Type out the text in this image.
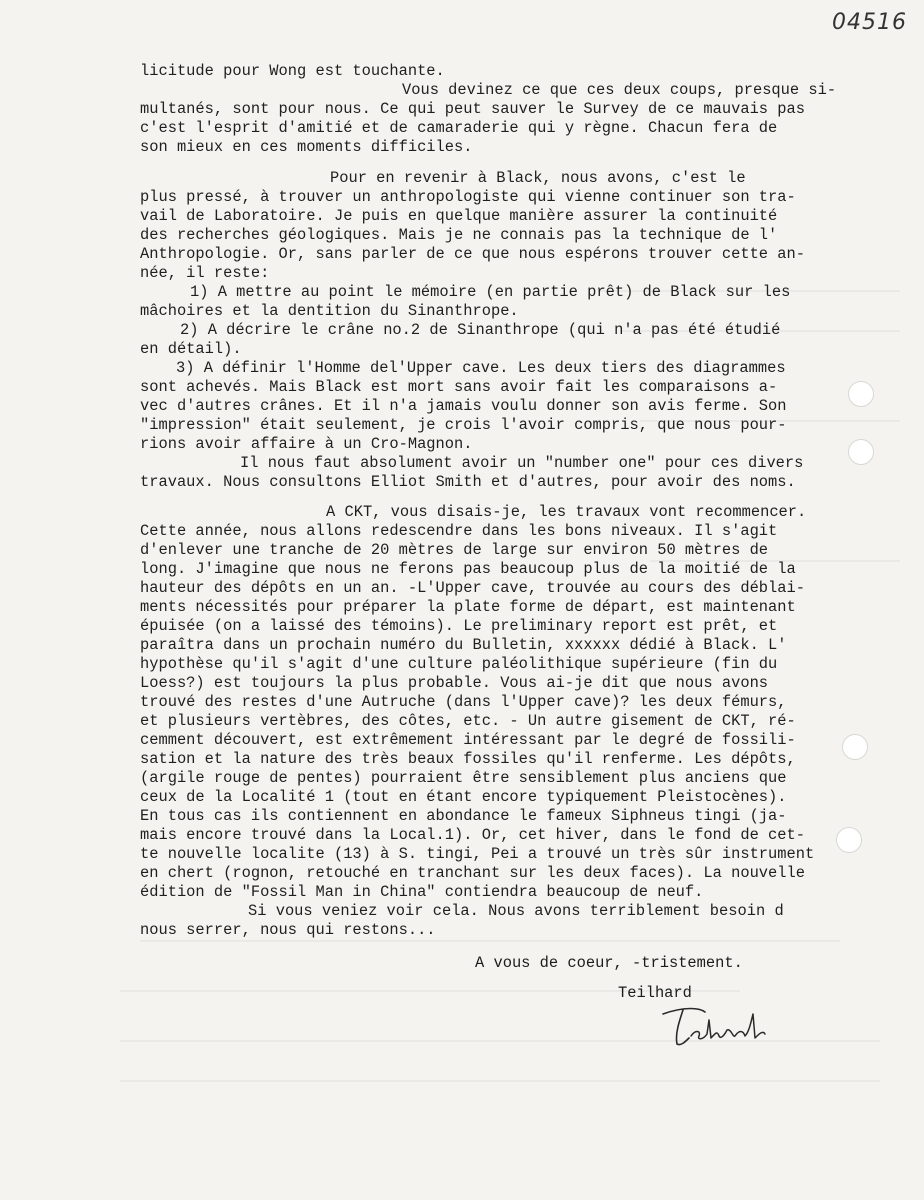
04516
licitude pour Wong est touchante.
Vous devinez ce que ces deux coups, presque si-
multanés, sont pour nous. Ce qui peut sauver le Survey de ce mauvais pas
c'est l'esprit d'amitié et de camaraderie qui y règne. Chacun fera de
son mieux en ces moments difficiles.
Pour en revenir à Black, nous avons, c'est le
plus pressé, à trouver un anthropologiste qui vienne continuer son tra-
vail de Laboratoire. Je puis en quelque manière assurer la continuité
des recherches géologiques. Mais je ne connais pas la technique de l'
Anthropologie. Or, sans parler de ce que nous espérons trouver cette an-
née, il reste:
1) A mettre au point le mémoire (en partie prêt) de Black sur les
mâchoires et la dentition du Sinanthrope.
2) A décrire le crâne no.2 de Sinanthrope (qui n'a pas été étudié
en détail).
3) A définir l'Homme del'Upper cave. Les deux tiers des diagrammes
sont achevés. Mais Black est mort sans avoir fait les comparaisons a-
vec d'autres crânes. Et il n'a jamais voulu donner son avis ferme. Son
"impression" était seulement, je crois l'avoir compris, que nous pour-
rions avoir affaire à un Cro-Magnon.
Il nous faut absolument avoir un "number one" pour ces divers
travaux. Nous consultons Elliot Smith et d'autres, pour avoir des noms.
A CKT, vous disais-je, les travaux vont recommencer.
Cette année, nous allons redescendre dans les bons niveaux. Il s'agit
d'enlever une tranche de 20 mètres de large sur environ 50 mètres de
long. J'imagine que nous ne ferons pas beaucoup plus de la moitié de la
hauteur des dépôts en un an. -L'Upper cave, trouvée au cours des déblai-
ments nécessités pour préparer la plate forme de départ, est maintenant
épuisée (on a laissé des témoins). Le preliminary report est prêt, et
paraîtra dans un prochain numéro du Bulletin, xxxxxx dédié à Black. L'
hypothèse qu'il s'agit d'une culture paléolithique supérieure (fin du
Loess?) est toujours la plus probable. Vous ai-je dit que nous avons
trouvé des restes d'une Autruche (dans l'Upper cave)? les deux fémurs,
et plusieurs vertèbres, des côtes, etc. - Un autre gisement de CKT, ré-
cemment découvert, est extrêmement intéressant par le degré de fossili-
sation et la nature des très beaux fossiles qu'il renferme. Les dépôts,
(argile rouge de pentes) pourraient être sensiblement plus anciens que
ceux de la Localité 1 (tout en étant encore typiquement Pleistocènes).
En tous cas ils contiennent en abondance le fameux Siphneus tingi (ja-
mais encore trouvé dans la Local.1). Or, cet hiver, dans le fond de cet-
te nouvelle localite (13) à S. tingi, Pei a trouvé un très sûr instrument
en chert (rognon, retouché en tranchant sur les deux faces). La nouvelle
édition de "Fossil Man in China" contiendra beaucoup de neuf.
Si vous veniez voir cela. Nous avons terriblement besoin d
nous serrer, nous qui restons...
A vous de coeur, -tristement.
Teilhard
